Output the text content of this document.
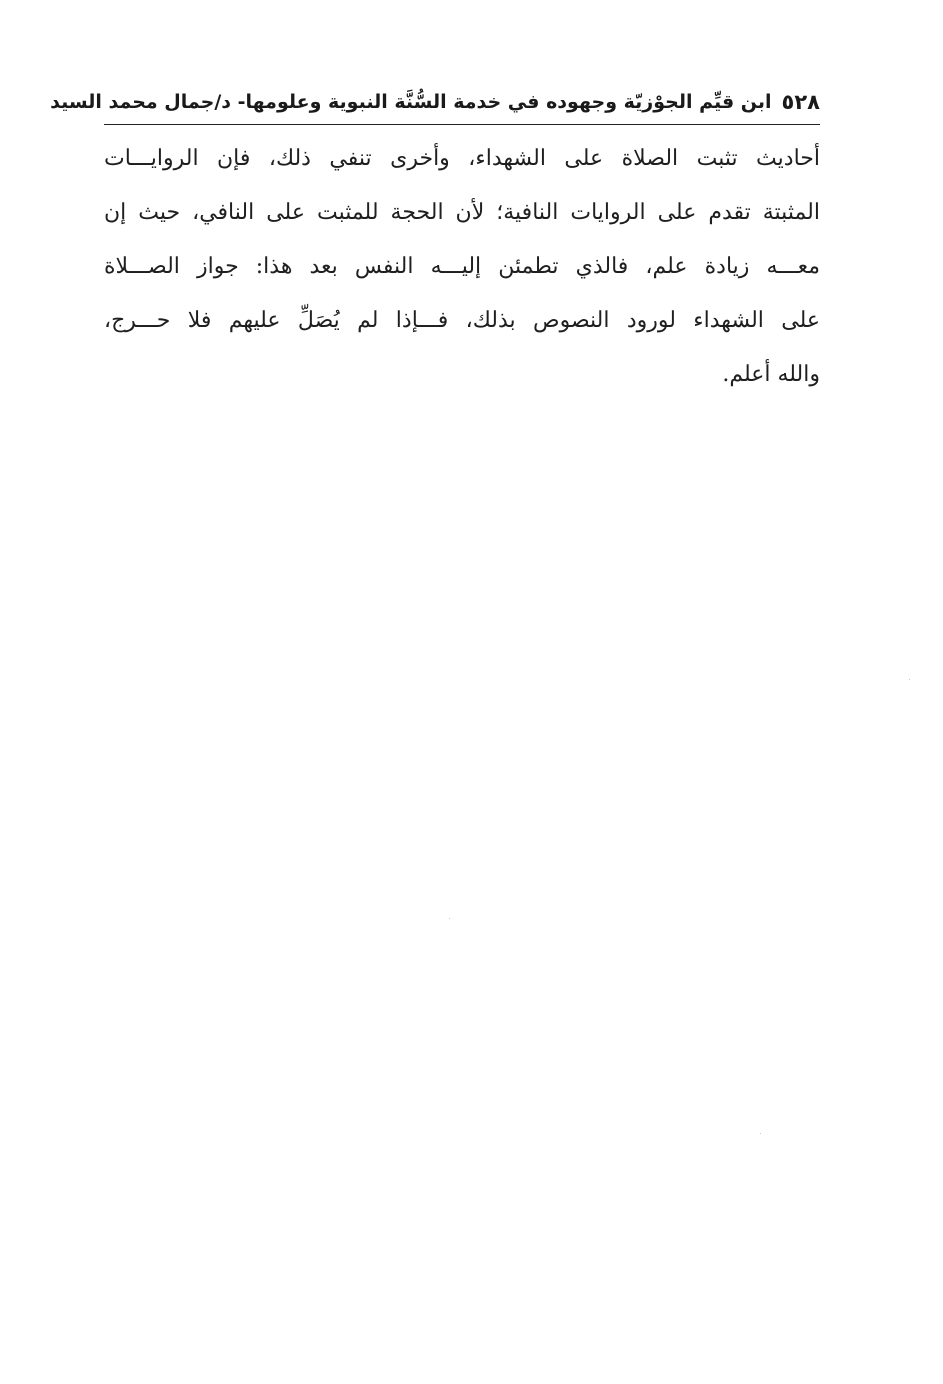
٥٢٨
ابن قيِّم الجوْزيّة وجهوده في خدمة السُّنَّة النبوية وعلومها- د/جمال محمد السيد
أحاديث تثبت الصلاة على الشهداء، وأخرى تنفي ذلك، فإن الروايـــات
المثبتة تقدم على الروايات النافية؛ لأن الحجة للمثبت على النافي، حيث إن
معـــه زيادة علم، فالذي تطمئن إليـــه النفس بعد هذا: جواز الصـــلاة
على الشهداء لورود النصوص بذلك، فـــإذا لم يُصَلِّ عليهم فلا حـــرج،
والله أعلم.
